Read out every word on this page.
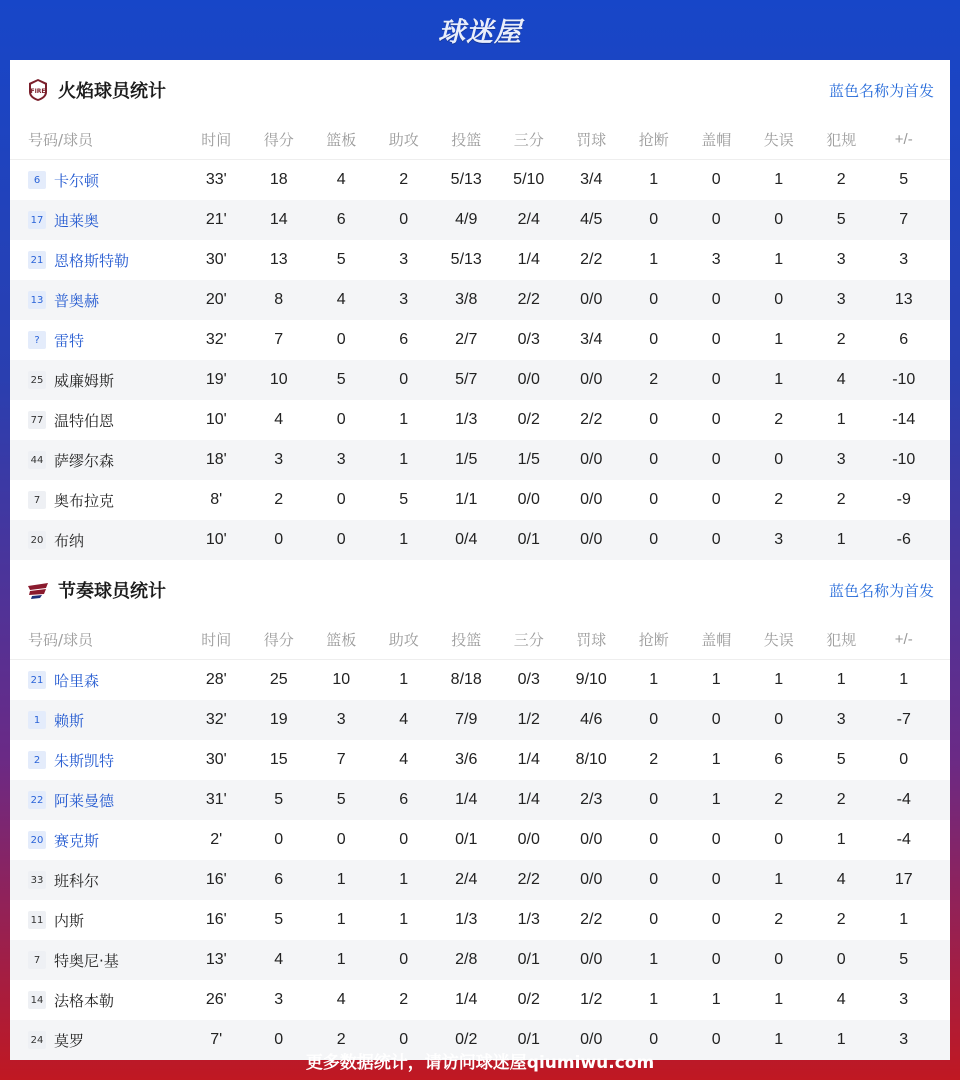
球迷屋
FIRE 火焰球员统计	蓝色名称为首发
号码/球员	时间	得分	篮板	助攻	投篮	三分	罚球	抢断	盖帽	失误	犯规	+/-
6 卡尔顿	33'	18	4	2	5/13	5/10	3/4	1	0	1	2	5
17 迪莱奥	21'	14	6	0	4/9	2/4	4/5	0	0	0	5	7
21 恩格斯特勒	30'	13	5	3	5/13	1/4	2/2	1	3	1	3	3
13 普奥赫	20'	8	4	3	3/8	2/2	0/0	0	0	0	3	13
? 雷特	32'	7	0	6	2/7	0/3	3/4	0	0	1	2	6
25 威廉姆斯	19'	10	5	0	5/7	0/0	0/0	2	0	1	4	-10
77 温特伯恩	10'	4	0	1	1/3	0/2	2/2	0	0	2	1	-14
44 萨缪尔森	18'	3	3	1	1/5	1/5	0/0	0	0	0	3	-10
7 奥布拉克	8'	2	0	5	1/1	0/0	0/0	0	0	2	2	-9
20 布纳	10'	0	0	1	0/4	0/1	0/0	0	0	3	1	-6
节奏球员统计	蓝色名称为首发
号码/球员	时间	得分	篮板	助攻	投篮	三分	罚球	抢断	盖帽	失误	犯规	+/-
21 哈里森	28'	25	10	1	8/18	0/3	9/10	1	1	1	1	1
1 赖斯	32'	19	3	4	7/9	1/2	4/6	0	0	0	3	-7
2 朱斯凯特	30'	15	7	4	3/6	1/4	8/10	2	1	6	5	0
22 阿莱曼德	31'	5	5	6	1/4	1/4	2/3	0	1	2	2	-4
20 赛克斯	2'	0	0	0	0/1	0/0	0/0	0	0	0	1	-4
33 班科尔	16'	6	1	1	2/4	2/2	0/0	0	0	1	4	17
11 内斯	16'	5	1	1	1/3	1/3	2/2	0	0	2	2	1
7 特奥尼·基	13'	4	1	0	2/8	0/1	0/0	1	0	0	0	5
14 法格本勒	26'	3	4	2	1/4	0/2	1/2	1	1	1	4	3
24 莫罗	7'	0	2	0	0/2	0/1	0/0	0	0	1	1	3
更多数据统计，请访问球迷屋qiumiwu.com
